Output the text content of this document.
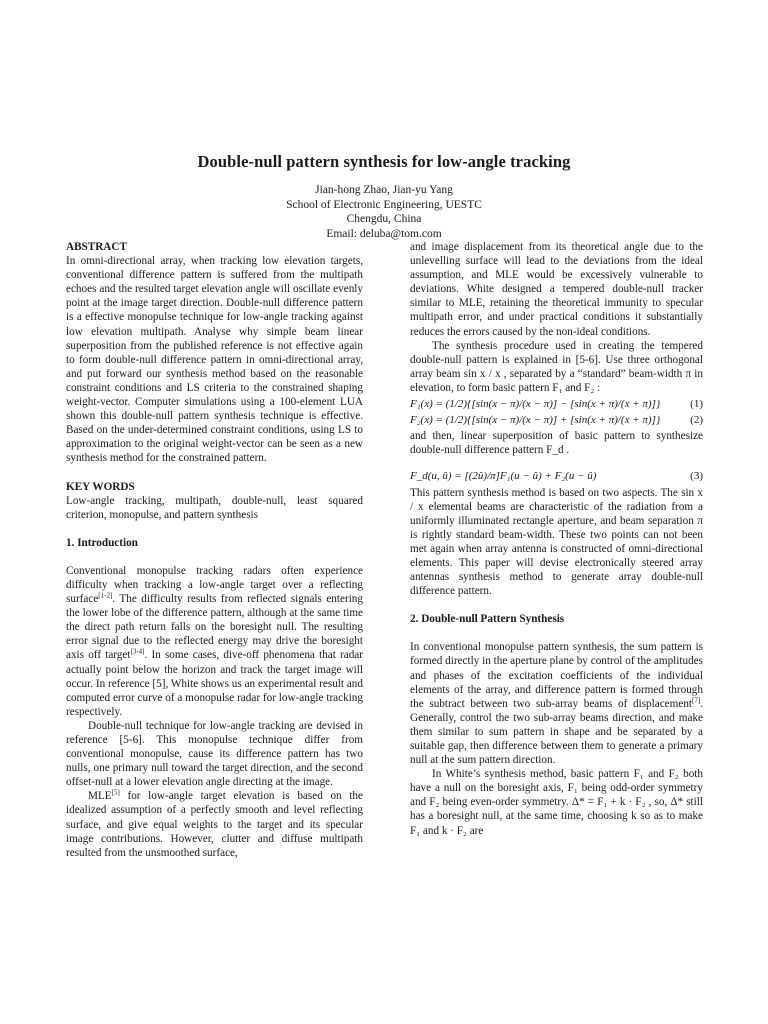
Double-null pattern synthesis for low-angle tracking
Jian-hong Zhao, Jian-yu Yang
School of Electronic Engineering, UESTC
Chengdu, China
Email: deluba@tom.com
ABSTRACT

In omni-directional array, when tracking low elevation targets, conventional difference pattern is suffered from the multipath echoes and the resulted target elevation angle will oscillate evenly point at the image target direction. Double-null difference pattern is a effective monopulse technique for low-angle tracking against low elevation multipath. Analyse why simple beam linear superposition from the published reference is not effective again to form double-null difference pattern in omni-directional array, and put forward our synthesis method based on the reasonable constraint conditions and LS criteria to the constrained shaping weight-vector. Computer simulations using a 100-element LUA shown this double-null pattern synthesis technique is effective. Based on the under-determined constraint conditions, using LS to approximation to the original weight-vector can be seen as a new synthesis method for the constrained pattern.

KEY WORDS

Low-angle tracking, multipath, double-null, least squared criterion, monopulse, and pattern synthesis

1. Introduction

Conventional monopulse tracking radars often experience difficulty when tracking a low-angle target over a reflecting surface[1-2]. The difficulty results from reflected signals entering the lower lobe of the difference pattern, although at the same time the direct path return falls on the boresight null. The resulting error signal due to the reflected energy may drive the boresight axis off target[3-4]. In some cases, dive-off phenomena that radar actually point below the horizon and track the target image will occur. In reference [5], White shows us an experimental result and computed error curve of a monopulse radar for low-angle tracking respectively.

Double-null technique for low-angle tracking are devised in reference [5-6]. This monopulse technique differ from conventional monopulse, cause its difference pattern has two nulls, one primary null toward the target direction, and the second offset-null at a lower elevation angle directing at the image.

MLE[5] for low-angle target elevation is based on the idealized assumption of a perfectly smooth and level reflecting surface, and give equal weights to the target and its specular image contributions. However, clutter and diffuse multipath resulted from the unsmoothed surface,

and image displacement from its theoretical angle due to the unlevelling surface will lead to the deviations from the ideal assumption, and MLE would be excessively vulnerable to deviations. White designed a tempered double-null tracker similar to MLE, retaining the theoretical immunity to specular multipath error, and under practical conditions it substantially reduces the errors caused by the non-ideal conditions.

The synthesis procedure used in creating the tempered double-null pattern is explained in [5-6]. Use three orthogonal array beam sin x / x , separated by a “standard” beam-width π in elevation, to form basic pattern F₁ and F₂ :

F₁(x) = (1/2){[sin(x − π)/(x − π)] − [sin(x + π)/(x + π)]}	(1)
F₂(x) = (1/2){[sin(x − π)/(x − π)] + [sin(x + π)/(x + π)]}	(2)

and then, linear superposition of basic pattern to synthesize double-null difference pattern F_d .

F_d(u, û) = [(2û)/π]F₁(u − û) + F₂(u − û)	(3)

This pattern synthesis method is based on two aspects. The sin x / x elemental beams are characteristic of the radiation from a uniformly illuminated rectangle aperture, and beam separation π is rightly standard beam-width. These two points can not been met again when array antenna is constructed of omni-directional elements. This paper will devise electronically steered array antennas synthesis method to generate array double-null difference pattern.

2. Double-null Pattern Synthesis

In conventional monopulse pattern synthesis, the sum pattern is formed directly in the aperture plane by control of the amplitudes and phases of the excitation coefficients of the individual elements of the array, and difference pattern is formed through the subtract between two sub-array beams of displacement[7]. Generally, control the two sub-array beams direction, and make them similar to sum pattern in shape and be separated by a suitable gap, then difference between them to generate a primary null at the sum pattern direction.

In White’s synthesis method, basic pattern F₁ and F₂ both have a null on the boresight axis, F₁ being odd-order symmetry and F₂ being even-order symmetry. Δ* = F₁ + k · F₂ , so, Δ* still has a boresight null, at the same time, choosing k so as to make F₁ and k · F₂ are
